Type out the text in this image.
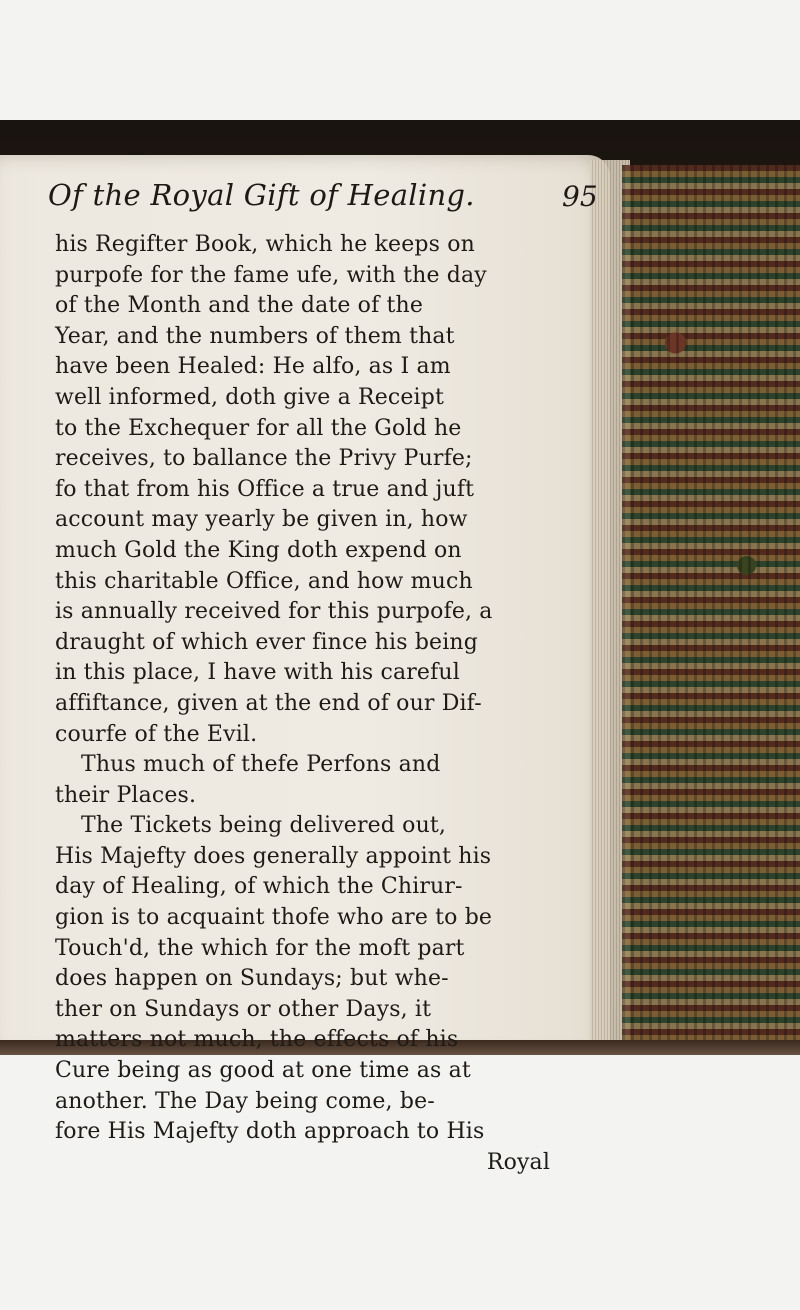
Of the Royal Gift of Healing.	95
his Regifter Book, which he keeps on
purpofe for the fame ufe, with the day
of the Month and the date of the
Year, and the numbers of them that
have been Healed: He alfo, as I am
well informed, doth give a Receipt
to the Exchequer for all the Gold he
receives, to ballance the Privy Purfe;
fo that from his Office a true and juft
account may yearly be given in, how
much Gold the King doth expend on
this charitable Office, and how much
is annually received for this purpofe, a
draught of which ever fince his being
in this place, I have with his careful
affiftance, given at the end of our Dif-
courfe of the Evil.
Thus much of thefe Perfons and
their Places.
The Tickets being delivered out,
His Majefty does generally appoint his
day of Healing, of which the Chirur-
gion is to acquaint thofe who are to be
Touch'd, the which for the moft part
does happen on Sundays; but whe-
ther on Sundays or other Days, it
matters not much, the effects of his
Cure being as good at one time as at
another. The Day being come, be-
fore His Majefty doth approach to His
Royal
